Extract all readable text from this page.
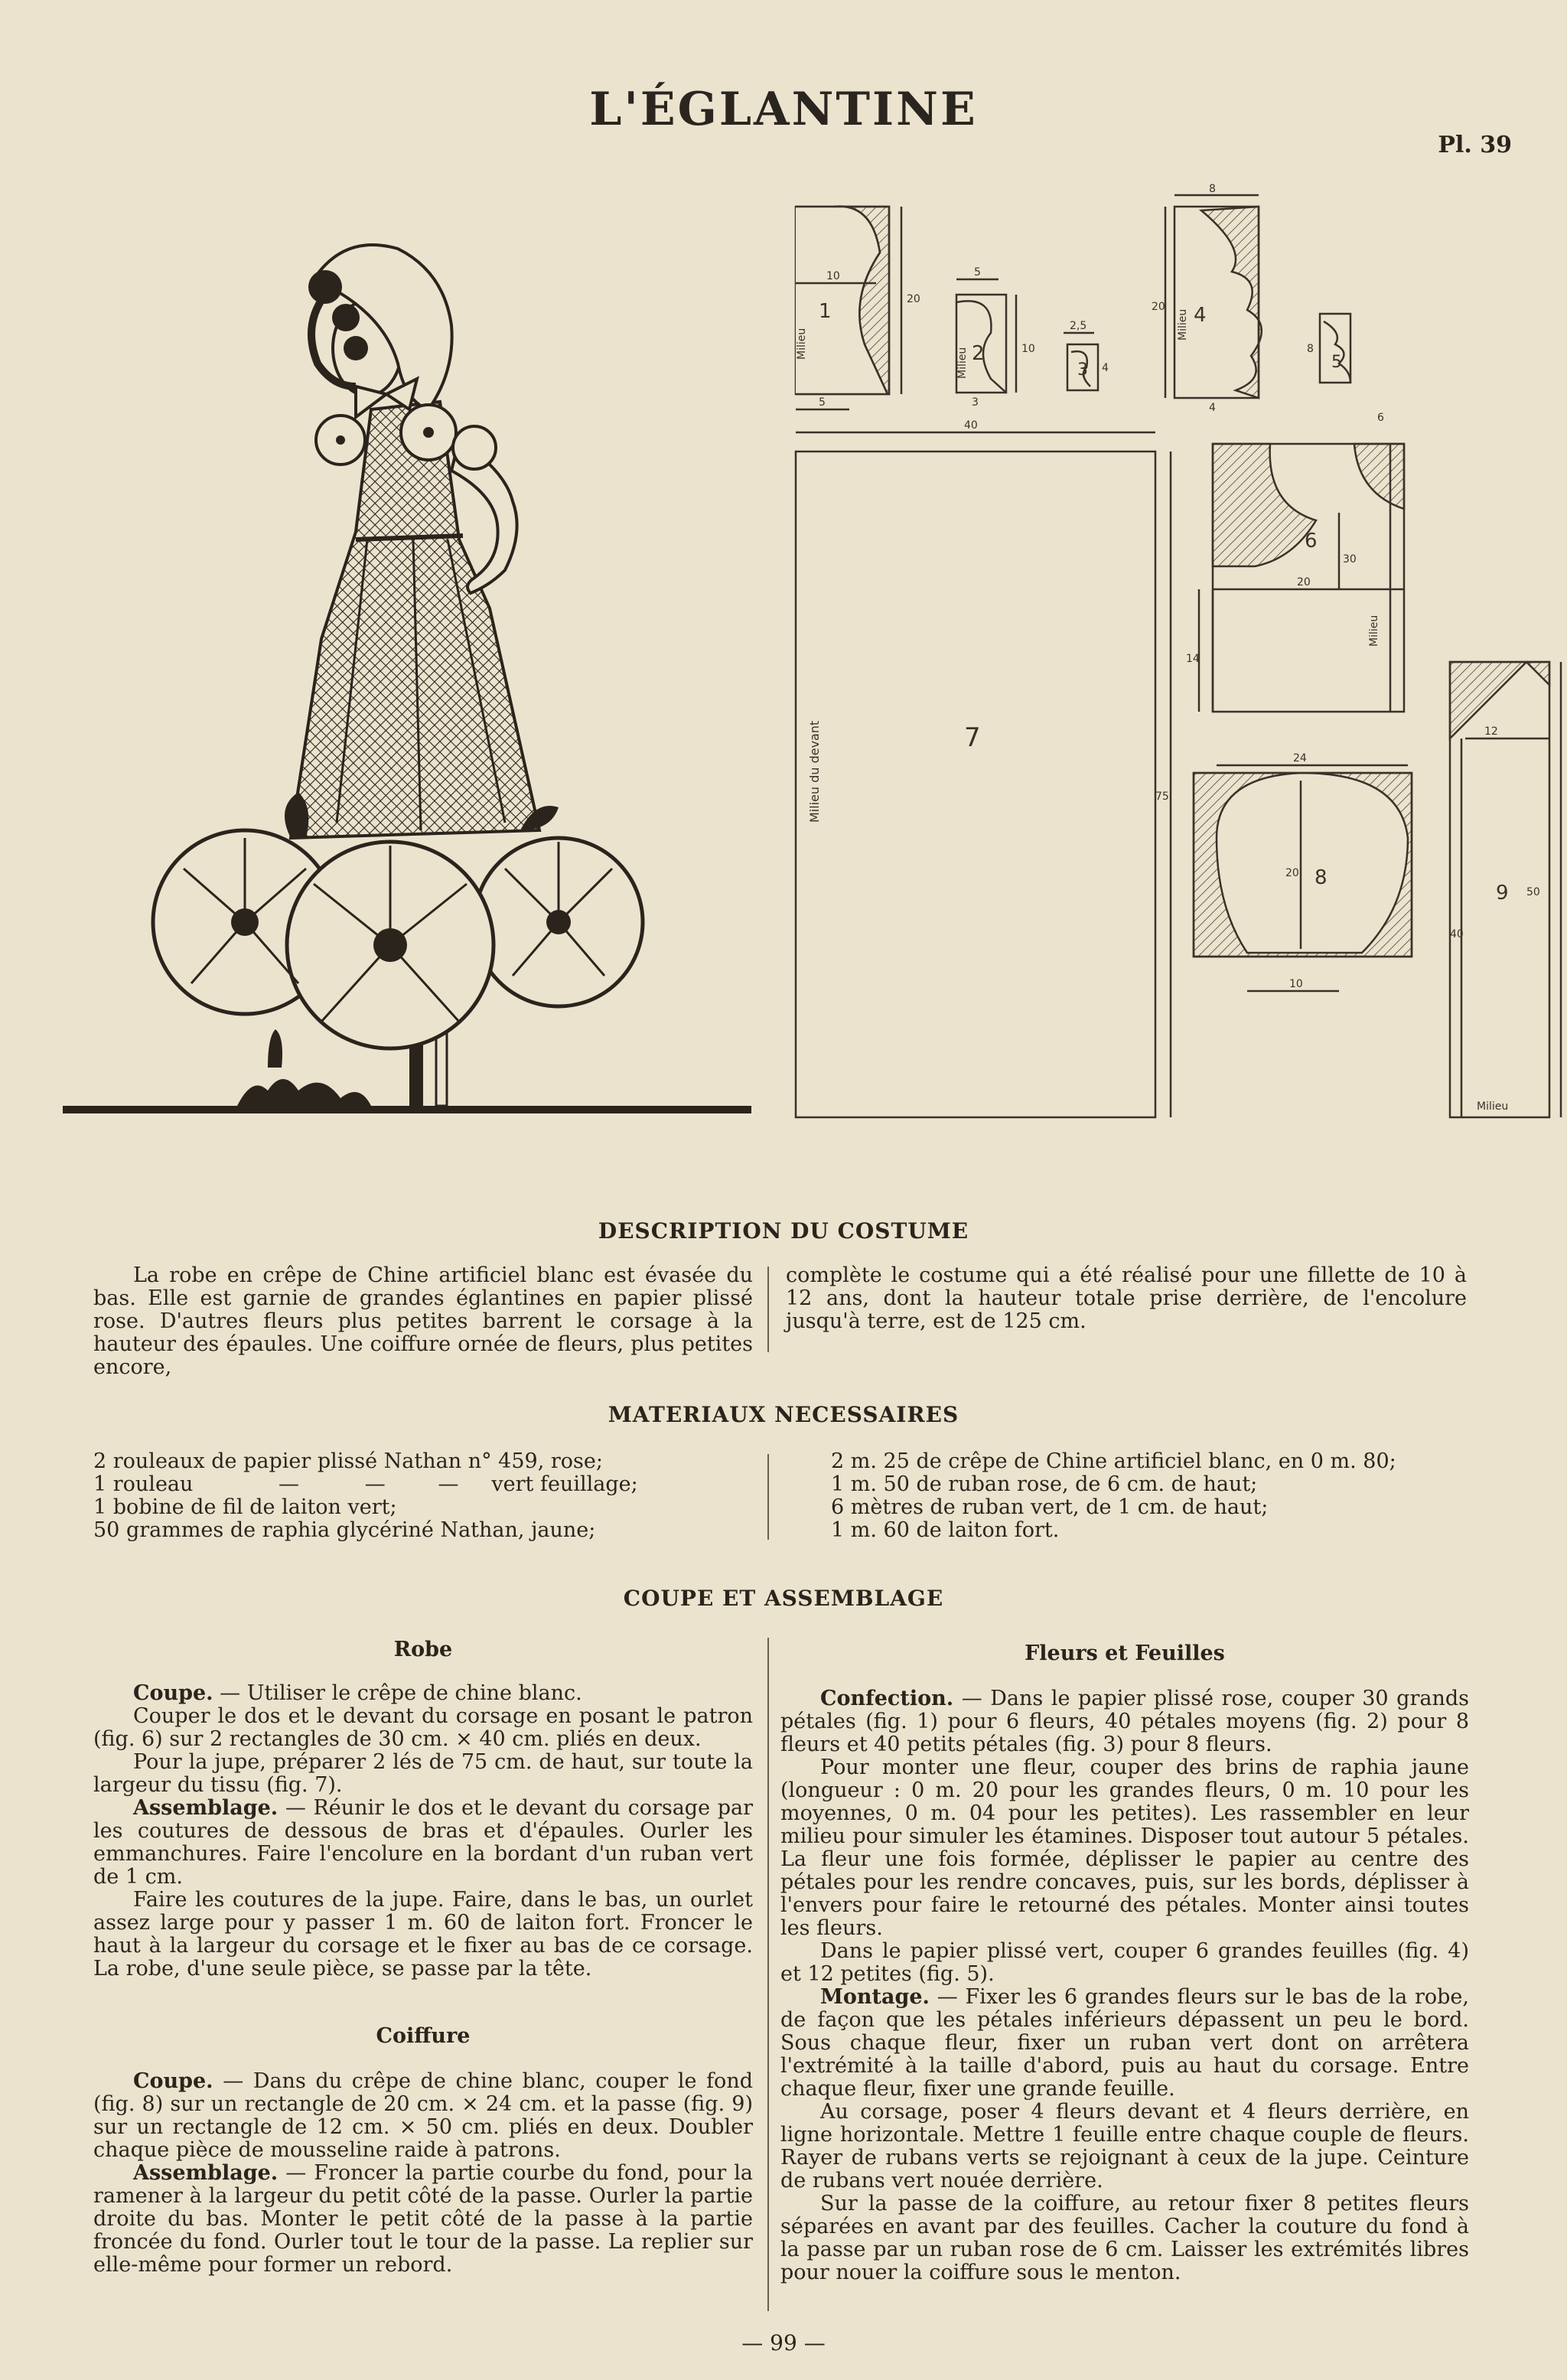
L'ÉGLANTINE
Pl. 39
1
Milieu
10
20
5
2
Milieu
5
10
3
3
2,5
4
4
Milieu
8
20
4
5
8
6
Milieu
6
20
30
14
7
Milieu du devant
40
75
8
24
20
10
9
12
40
50
Milieu
DESCRIPTION DU COSTUME

La robe en crêpe de Chine artificiel blanc est évasée du bas. Elle est garnie de grandes églantines en papier plissé rose. D'autres fleurs plus petites barrent le corsage à la hauteur des épaules. Une coiffure ornée de fleurs, plus petites encore,

complète le costume qui a été réalisé pour une fillette de 10 à 12 ans, dont la hauteur totale prise derrière, de l'encolure jusqu'à terre, est de 125 cm.

MATERIAUX NECESSAIRES
2 rouleaux de papier plissé Nathan n° 459, rose;
1 rouleau             —          —        —     vert feuillage;
1 bobine de fil de laiton vert;
50 grammes de raphia glycériné Nathan, jaune;
2 m. 25 de crêpe de Chine artificiel blanc, en 0 m. 80;
1 m. 50 de ruban rose, de 6 cm. de haut;
6 mètres de ruban vert, de 1 cm. de haut;
1 m. 60 de laiton fort.
COUPE ET ASSEMBLAGE
Robe

Coupe. — Utiliser le crêpe de chine blanc.

Couper le dos et le devant du corsage en posant le patron (fig. 6) sur 2 rectangles de 30 cm. × 40 cm. pliés en deux.

Pour la jupe, préparer 2 lés de 75 cm. de haut, sur toute la largeur du tissu (fig. 7).

Assemblage. — Réunir le dos et le devant du corsage par les coutures de dessous de bras et d'épaules. Ourler les emmanchures. Faire l'encolure en la bordant d'un ruban vert de 1 cm.

Faire les coutures de la jupe. Faire, dans le bas, un ourlet assez large pour y passer 1 m. 60 de laiton fort. Froncer le haut à la largeur du corsage et le fixer au bas de ce corsage. La robe, d'une seule pièce, se passe par la tête.

Coiffure

Coupe. — Dans du crêpe de chine blanc, couper le fond (fig. 8) sur un rectangle de 20 cm. × 24 cm. et la passe (fig. 9) sur un rectangle de 12 cm. × 50 cm. pliés en deux. Doubler chaque pièce de mousseline raide à patrons.

Assemblage. — Froncer la partie courbe du fond, pour la ramener à la largeur du petit côté de la passe. Ourler la partie droite du bas. Monter le petit côté de la passe à la partie froncée du fond. Ourler tout le tour de la passe. La replier sur elle-même pour former un rebord.

Fleurs et Feuilles

Confection. — Dans le papier plissé rose, couper 30 grands pétales (fig. 1) pour 6 fleurs, 40 pétales moyens (fig. 2) pour 8 fleurs et 40 petits pétales (fig. 3) pour 8 fleurs.

Pour monter une fleur, couper des brins de raphia jaune (longueur : 0 m. 20 pour les grandes fleurs, 0 m. 10 pour les moyennes, 0 m. 04 pour les petites). Les rassembler en leur milieu pour simuler les étamines. Disposer tout autour 5 pétales. La fleur une fois formée, déplisser le papier au centre des pétales pour les rendre concaves, puis, sur les bords, déplisser à l'envers pour faire le retourné des pétales. Monter ainsi toutes les fleurs.

Dans le papier plissé vert, couper 6 grandes feuilles (fig. 4) et 12 petites (fig. 5).

Montage. — Fixer les 6 grandes fleurs sur le bas de la robe, de façon que les pétales inférieurs dépassent un peu le bord. Sous chaque fleur, fixer un ruban vert dont on arrêtera l'extrémité à la taille d'abord, puis au haut du corsage. Entre chaque fleur, fixer une grande feuille.

Au corsage, poser 4 fleurs devant et 4 fleurs derrière, en ligne horizontale. Mettre 1 feuille entre chaque couple de fleurs. Rayer de rubans verts se rejoignant à ceux de la jupe. Ceinture de rubans vert nouée derrière.

Sur la passe de la coiffure, au retour fixer 8 petites fleurs séparées en avant par des feuilles. Cacher la couture du fond à la passe par un ruban rose de 6 cm. Laisser les extrémités libres pour nouer la coiffure sous le menton.

— 99 —
